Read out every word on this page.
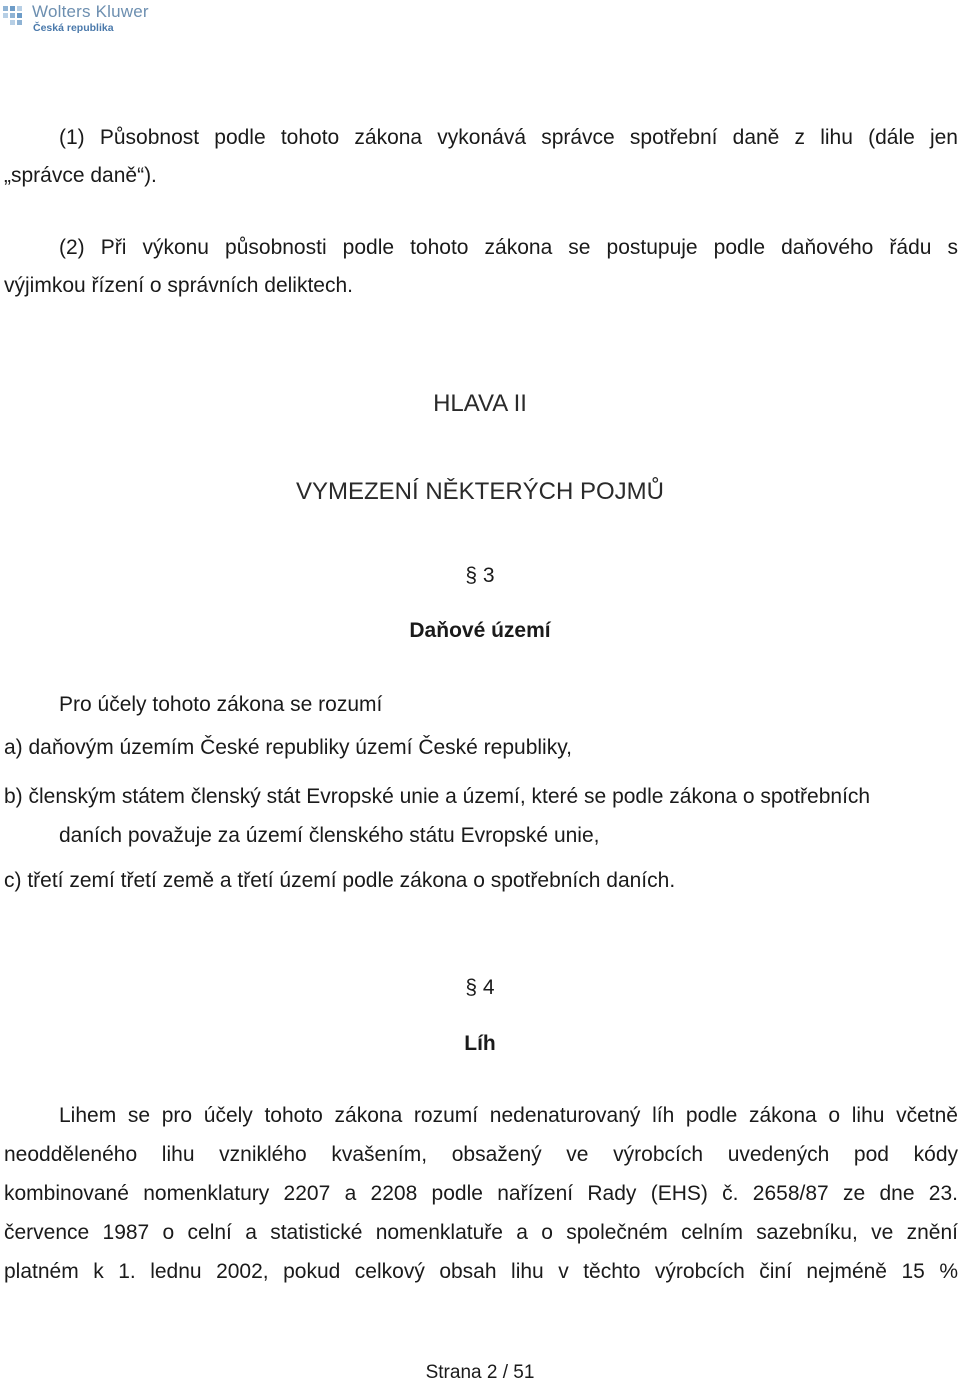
Wolters Kluwer
Česká republika

(1) Působnost podle tohoto zákona vykonává správce spotřební daně z lihu (dále jen

„správce daně“).

(2) Při výkonu působnosti podle tohoto zákona se postupuje podle daňového řádu s

výjimkou řízení o správních deliktech.

HLAVA II

VYMEZENÍ NĚKTERÝCH POJMŮ

§ 3

Daňové území

Pro účely tohoto zákona se rozumí

a) daňovým územím České republiky území České republiky,

b) členským státem členský stát Evropské unie a území, které se podle zákona o spotřebních

daních považuje za území členského státu Evropské unie,

c) třetí zemí třetí země a třetí území podle zákona o spotřebních daních.

§ 4

Líh

Lihem se pro účely tohoto zákona rozumí nedenaturovaný líh podle zákona o lihu včetně

neodděleného lihu vzniklého kvašením, obsažený ve výrobcích uvedených pod kódy

kombinované nomenklatury 2207 a 2208 podle nařízení Rady (EHS) č. 2658/87 ze dne 23.

července 1987 o celní a statistické nomenklatuře a o společném celním sazebníku, ve znění

platném k 1. lednu 2002, pokud celkový obsah lihu v těchto výrobcích činí nejméně 15 %

Strana 2 / 51
